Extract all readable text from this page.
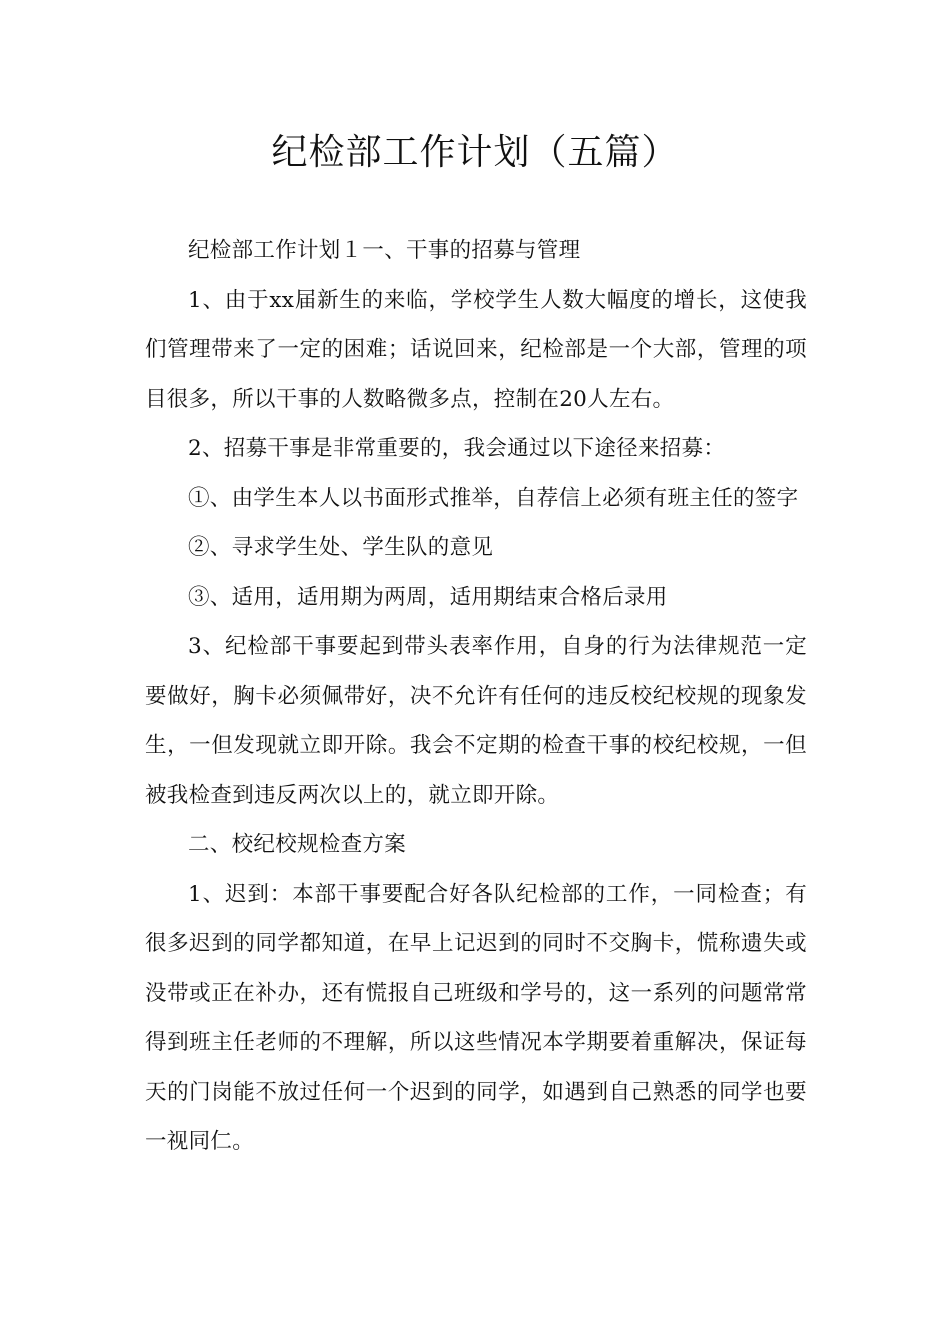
纪检部工作计划（五篇）

纪检部工作计划１一、干事的招募与管理

1、由于xx届新生的来临，学校学生人数大幅度的增长，这使我们管理带来了一定的困难；话说回来，纪检部是一个大部，管理的项目很多，所以干事的人数略微多点，控制在20人左右。

2、招募干事是非常重要的，我会通过以下途径来招募：

①、由学生本人以书面形式推举，自荐信上必须有班主任的签字

②、寻求学生处、学生队的意见

③、适用，适用期为两周，适用期结束合格后录用

3、纪检部干事要起到带头表率作用，自身的行为法律规范一定要做好，胸卡必须佩带好，决不允许有任何的违反校纪校规的现象发生，一但发现就立即开除。我会不定期的检查干事的校纪校规，一但被我检查到违反两次以上的，就立即开除。

二、校纪校规检查方案

1、迟到：本部干事要配合好各队纪检部的工作，一同检查；有很多迟到的同学都知道，在早上记迟到的同时不交胸卡，慌称遗失或没带或正在补办，还有慌报自己班级和学号的，这一系列的问题常常得到班主任老师的不理解，所以这些情况本学期要着重解决，保证每天的门岗能不放过任何一个迟到的同学，如遇到自己熟悉的同学也要一视同仁。
